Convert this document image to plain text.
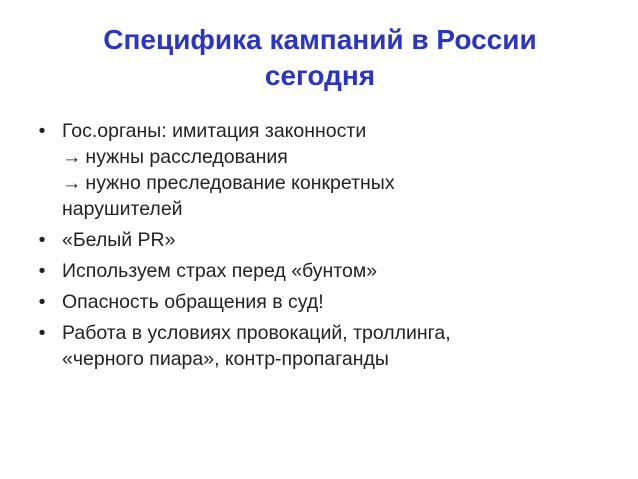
Специфика кампаний в России
сегодня
• Гос.органы: имитация законности
→ нужны расследования
→ нужно преследование конкретных
нарушителей
• «Белый PR»
• Используем страх перед «бунтом»
• Опасность обращения в суд!
• Работа в условиях провокаций, троллинга,
«черного пиара», контр-пропаганды
